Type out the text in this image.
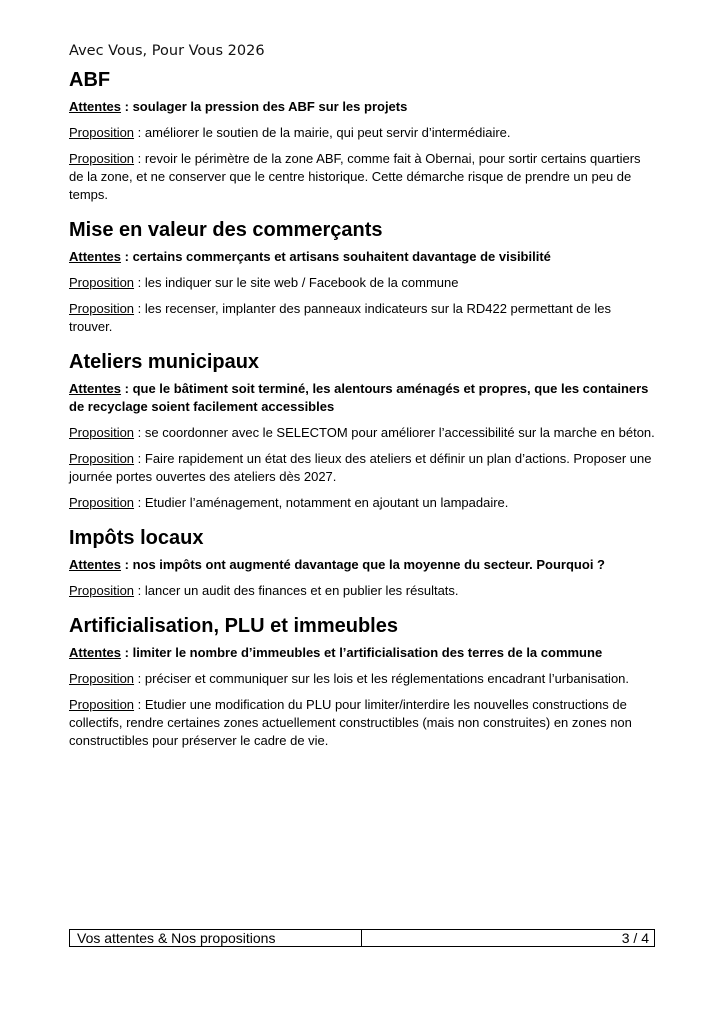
Avec Vous, Pour Vous 2026
ABF

Attentes : soulager la pression des ABF sur les projets

Proposition : améliorer le soutien de la mairie, qui peut servir d’intermédiaire.

Proposition : revoir le périmètre de la zone ABF, comme fait à Obernai, pour sortir certains quartiers de la zone, et ne conserver que le centre historique. Cette démarche risque de prendre un peu de temps.

Mise en valeur des commerçants

Attentes : certains commerçants et artisans souhaitent davantage de visibilité

Proposition : les indiquer sur le site web / Facebook de la commune

Proposition : les recenser, implanter des panneaux indicateurs sur la RD422 permettant de les trouver.

Ateliers municipaux

Attentes : que le bâtiment soit terminé, les alentours aménagés et propres, que les containers de recyclage soient facilement accessibles

Proposition : se coordonner avec le SELECTOM pour améliorer l’accessibilité sur la marche en béton.

Proposition : Faire rapidement un état des lieux des ateliers et définir un plan d’actions. Proposer une journée portes ouvertes des ateliers dès 2027.

Proposition : Etudier l’aménagement, notamment en ajoutant un lampadaire.

Impôts locaux

Attentes : nos impôts ont augmenté davantage que la moyenne du secteur. Pourquoi ?

Proposition : lancer un audit des finances et en publier les résultats.

Artificialisation, PLU et immeubles

Attentes : limiter le nombre d’immeubles et l’artificialisation des terres de la commune

Proposition : préciser et communiquer sur les lois et les réglementations encadrant l’urbanisation.

Proposition : Etudier une modification du PLU pour limiter/interdire les nouvelles constructions de collectifs, rendre certaines zones actuellement constructibles (mais non construites) en zones non constructibles pour préserver le cadre de vie.

Vos attentes & Nos propositions	3 / 4
